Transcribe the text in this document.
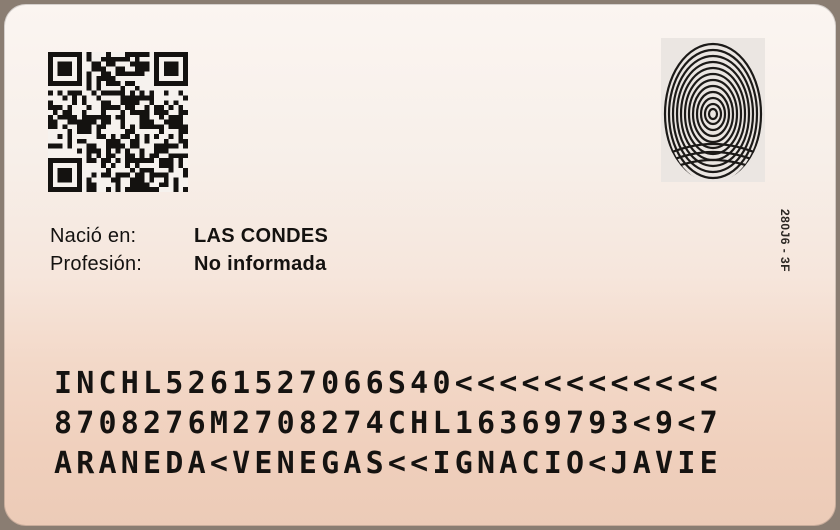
Nació en:	LAS CONDES
Profesión:	No informada	280J6 - 3F
INCHL5261527066S40<<<<<<<<<<<<
8708276M2708274CHL16369793<9<7
ARANEDA<VENEGAS<<IGNACIO<JAVIE
